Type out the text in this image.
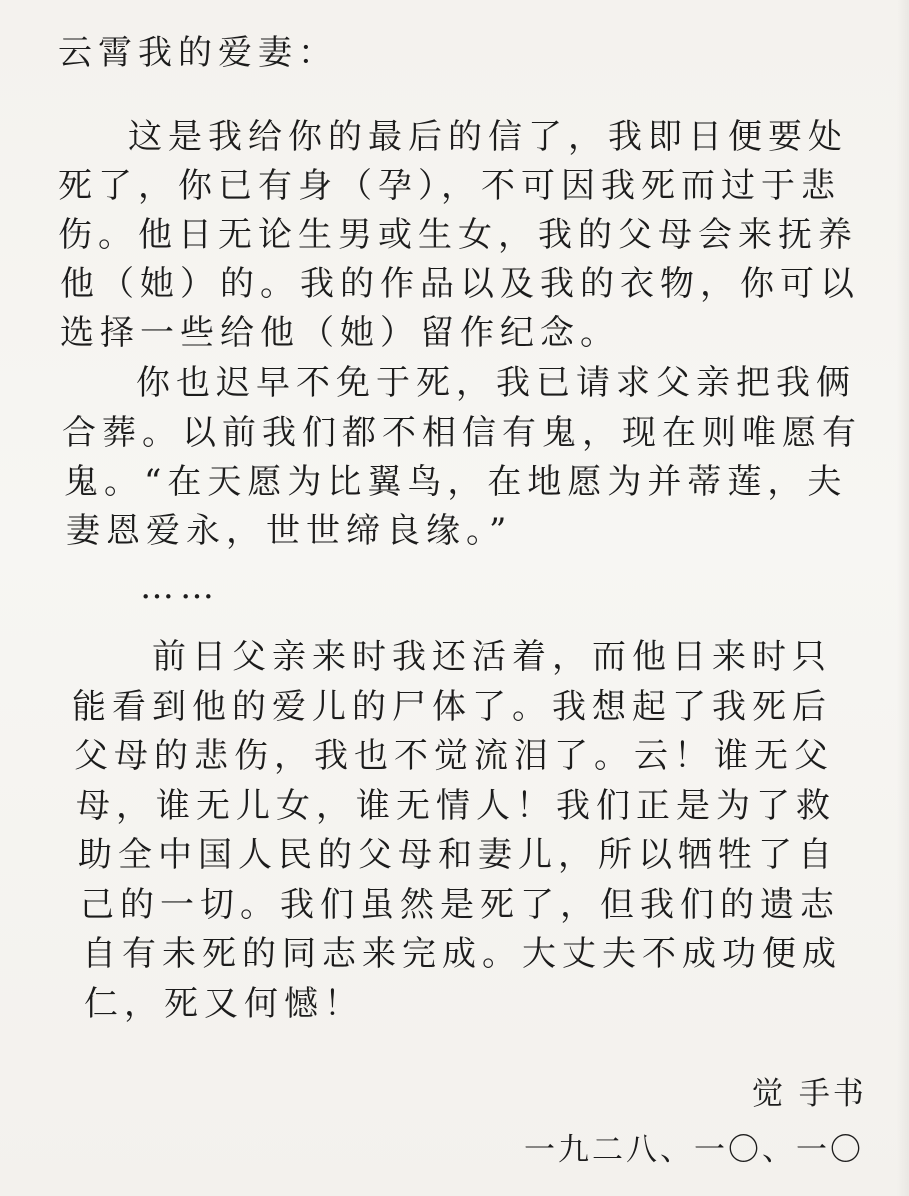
云霄我的爱妻：
这是我给你的最后的信了，我即日便要处
死了，你已有身（孕），不可因我死而过于悲
伤。他日无论生男或生女，我的父母会来抚养
他（她）的。我的作品以及我的衣物，你可以
选择一些给他（她）留作纪念。
你也迟早不免于死，我已请求父亲把我俩
合葬。以前我们都不相信有鬼，现在则唯愿有
鬼。“在天愿为比翼鸟，在地愿为并蒂莲，夫
妻恩爱永，世世缔良缘。”
……
前日父亲来时我还活着，而他日来时只
能看到他的爱儿的尸体了。我想起了我死后
父母的悲伤，我也不觉流泪了。云！谁无父
母，谁无儿女，谁无情人！我们正是为了救
助全中国人民的父母和妻儿，所以牺牲了自
己的一切。我们虽然是死了，但我们的遗志
自有未死的同志来完成。大丈夫不成功便成
仁，死又何憾！
觉 手书
一九二八、一〇、一〇
